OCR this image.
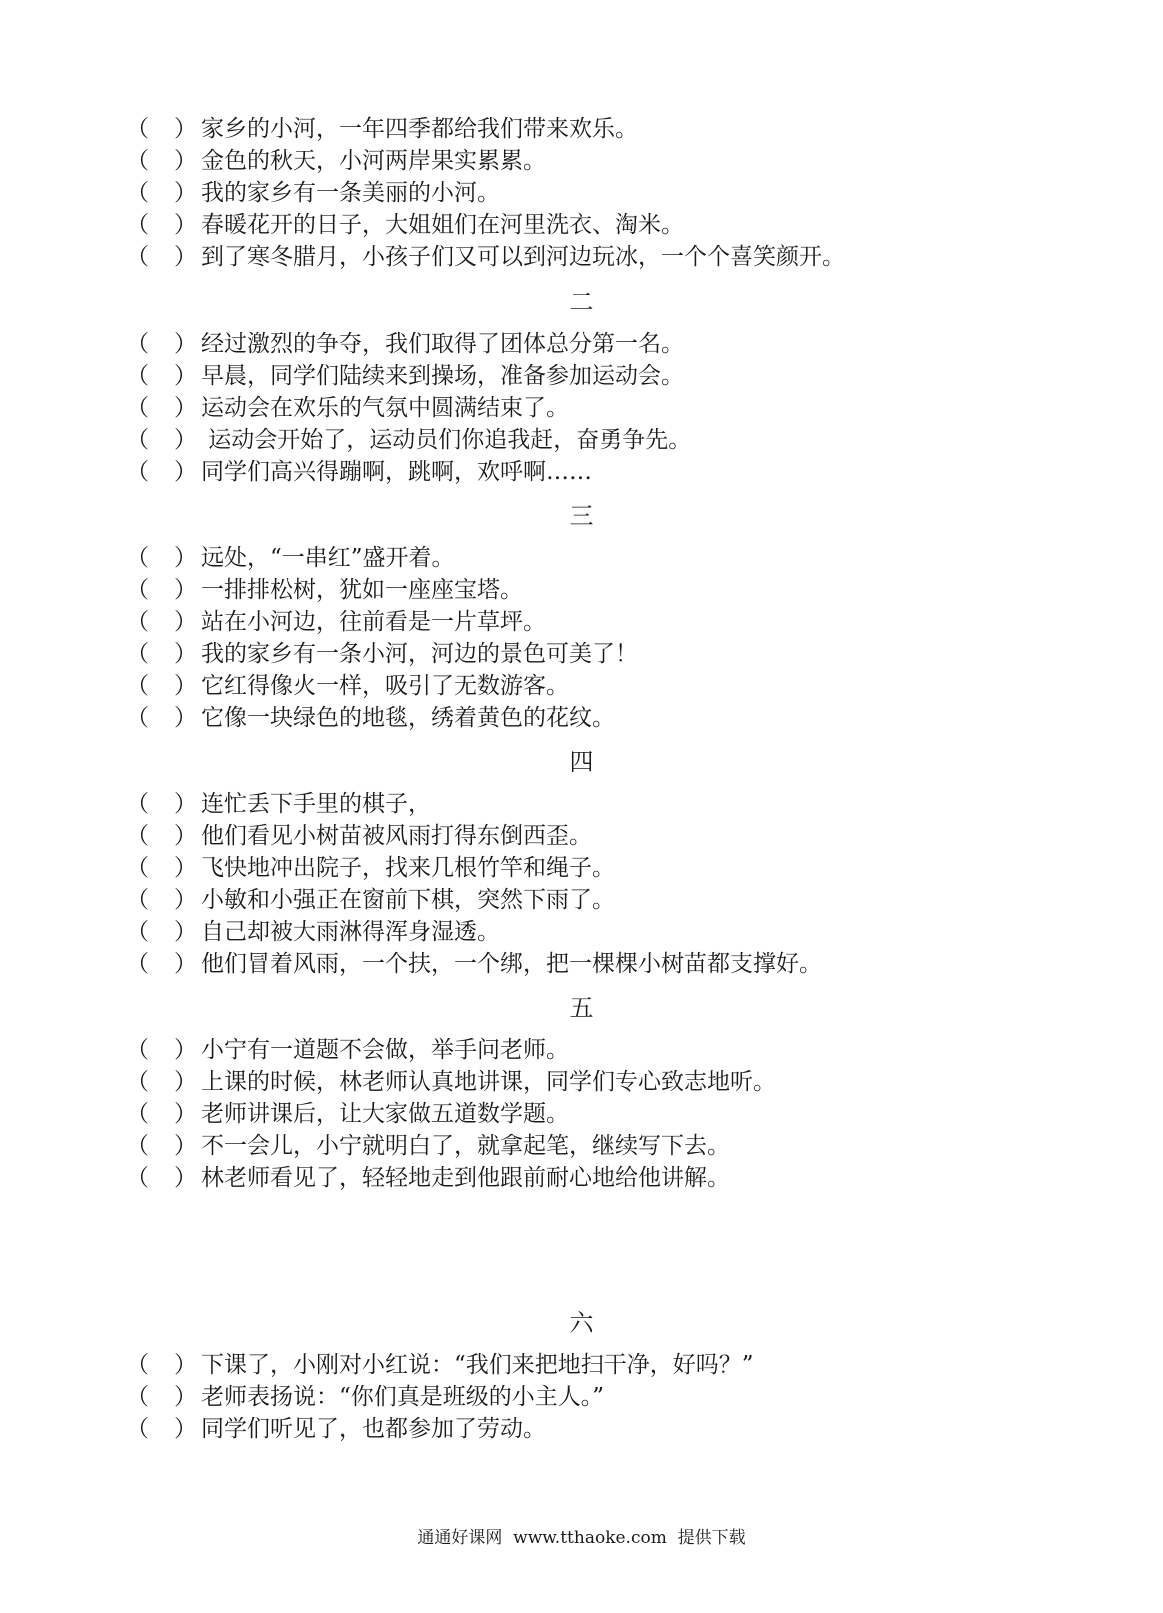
（ ） 家乡的小河，一年四季都给我们带来欢乐。
（ ） 金色的秋天，小河两岸果实累累。
（ ） 我的家乡有一条美丽的小河。
（ ） 春暖花开的日子，大姐姐们在河里洗衣、淘米。
（ ） 到了寒冬腊月，小孩子们又可以到河边玩冰，一个个喜笑颜开。
二
（ ） 经过激烈的争夺，我们取得了团体总分第一名。
（ ） 早晨，同学们陆续来到操场，准备参加运动会。
（ ） 运动会在欢乐的气氛中圆满结束了。
（ ） 运动会开始了，运动员们你追我赶，奋勇争先。
（ ） 同学们高兴得蹦啊，跳啊，欢呼啊……
三
（ ） 远处，“一串红”盛开着。
（ ） 一排排松树，犹如一座座宝塔。
（ ） 站在小河边，往前看是一片草坪。
（ ） 我的家乡有一条小河，河边的景色可美了！
（ ） 它红得像火一样，吸引了无数游客。
（ ） 它像一块绿色的地毯，绣着黄色的花纹。
四
（ ） 连忙丢下手里的棋子，
（ ） 他们看见小树苗被风雨打得东倒西歪。
（ ） 飞快地冲出院子，找来几根竹竿和绳子。
（ ） 小敏和小强正在窗前下棋，突然下雨了。
（ ） 自己却被大雨淋得浑身湿透。
（ ） 他们冒着风雨，一个扶，一个绑，把一棵棵小树苗都支撑好。
五
（ ） 小宁有一道题不会做，举手问老师。
（ ） 上课的时候，林老师认真地讲课，同学们专心致志地听。
（ ） 老师讲课后，让大家做五道数学题。
（ ） 不一会儿，小宁就明白了，就拿起笔，继续写下去。
（ ） 林老师看见了，轻轻地走到他跟前耐心地给他讲解。
六
（ ） 下课了，小刚对小红说：“我们来把地扫干净，好吗？”
（ ） 老师表扬说：“你们真是班级的小主人。”
（ ） 同学们听见了，也都参加了劳动。
通通好课网  www.tthaoke.com  提供下载
